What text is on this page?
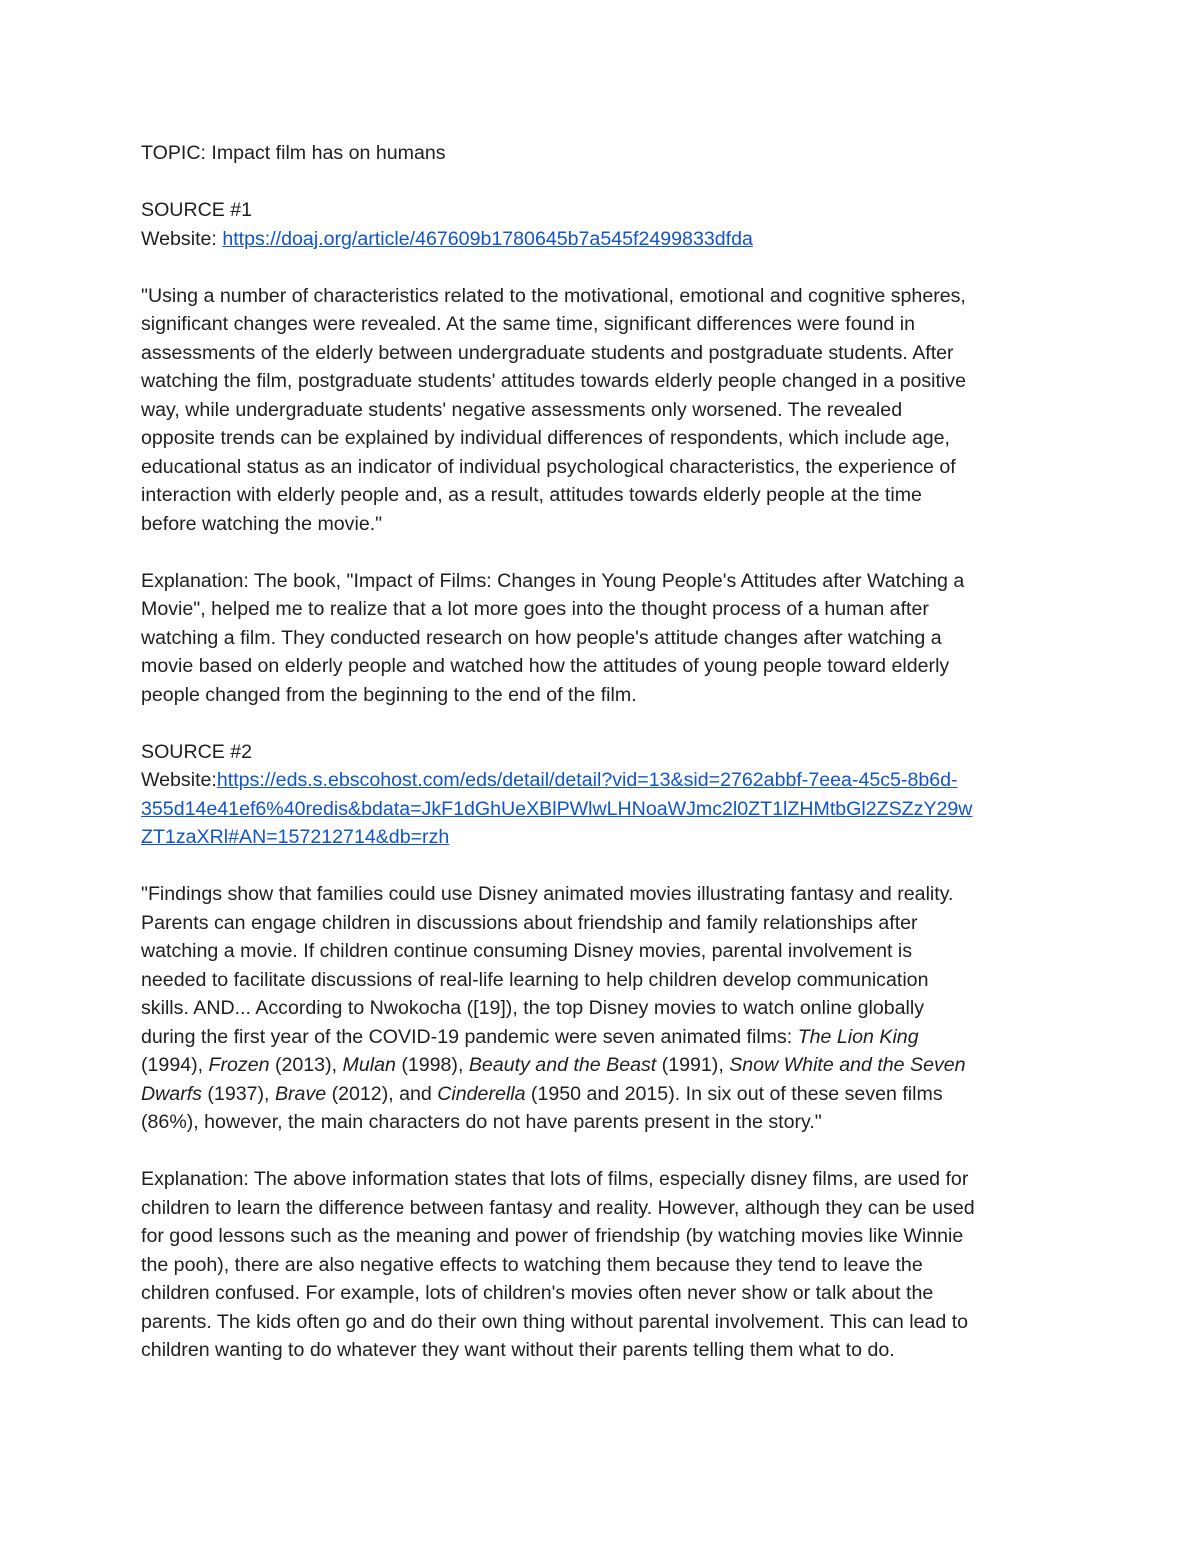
TOPIC: Impact film has on humans
SOURCE #1
Website: https://doaj.org/article/467609b1780645b7a545f2499833dfda
"Using a number of characteristics related to the motivational, emotional and cognitive spheres,
significant changes were revealed. At the same time, significant differences were found in
assessments of the elderly between undergraduate students and postgraduate students. After
watching the film, postgraduate students' attitudes towards elderly people changed in a positive
way, while undergraduate students' negative assessments only worsened. The revealed
opposite trends can be explained by individual differences of respondents, which include age,
educational status as an indicator of individual psychological characteristics, the experience of
interaction with elderly people and, as a result, attitudes towards elderly people at the time
before watching the movie."
Explanation: The book, "Impact of Films: Changes in Young People's Attitudes after Watching a
Movie", helped me to realize that a lot more goes into the thought process of a human after
watching a film. They conducted research on how people's attitude changes after watching a
movie based on elderly people and watched how the attitudes of young people toward elderly
people changed from the beginning to the end of the film.
SOURCE #2
Website:https://eds.s.ebscohost.com/eds/detail/detail?vid=13&sid=2762abbf-7eea-45c5-8b6d-
355d14e41ef6%40redis&bdata=JkF1dGhUeXBlPWlwLHNoaWJmc2l0ZT1lZHMtbGl2ZSZzY29w
ZT1zaXRl#AN=157212714&db=rzh
"Findings show that families could use Disney animated movies illustrating fantasy and reality.
Parents can engage children in discussions about friendship and family relationships after
watching a movie. If children continue consuming Disney movies, parental involvement is
needed to facilitate discussions of real-life learning to help children develop communication
skills. AND... According to Nwokocha ([19]), the top Disney movies to watch online globally
during the first year of the COVID-19 pandemic were seven animated films: The Lion King
(1994), Frozen (2013), Mulan (1998), Beauty and the Beast (1991), Snow White and the Seven
Dwarfs (1937), Brave (2012), and Cinderella (1950 and 2015). In six out of these seven films
(86%), however, the main characters do not have parents present in the story."
Explanation: The above information states that lots of films, especially disney films, are used for
children to learn the difference between fantasy and reality. However, although they can be used
for good lessons such as the meaning and power of friendship (by watching movies like Winnie
the pooh), there are also negative effects to watching them because they tend to leave the
children confused. For example, lots of children's movies often never show or talk about the
parents. The kids often go and do their own thing without parental involvement. This can lead to
children wanting to do whatever they want without their parents telling them what to do.
